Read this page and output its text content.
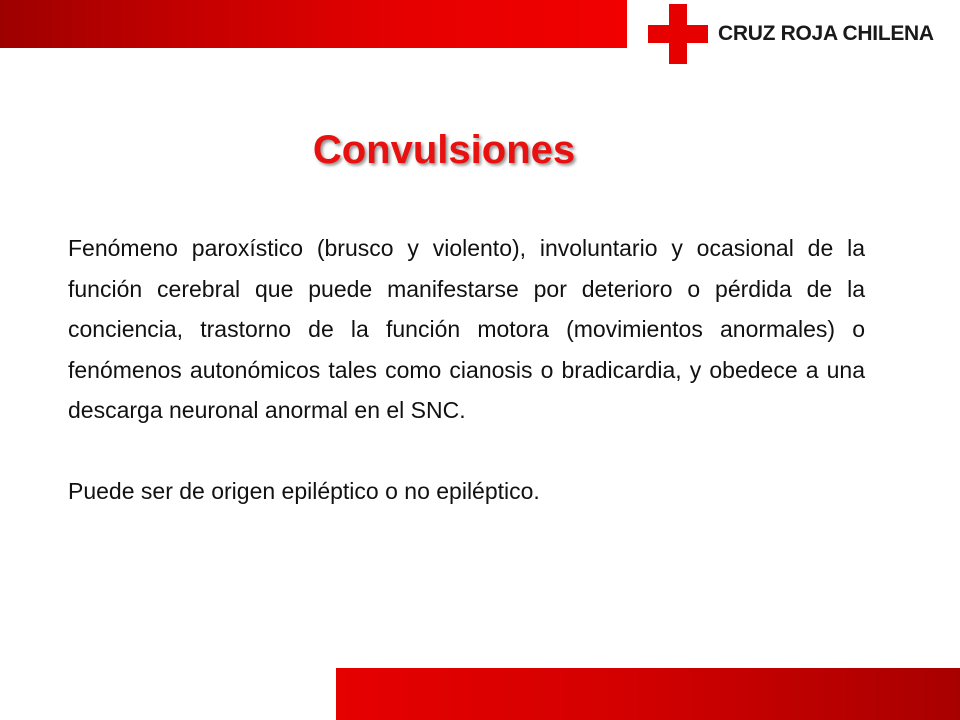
CRUZ ROJA CHILENA
Convulsiones

Fenómeno paroxístico (brusco y violento), involuntario y ocasional de la función cerebral que puede manifestarse por deterioro o pérdida de la conciencia, trastorno de la función motora (movimientos anormales) o fenómenos autonómicos tales como cianosis o bradicardia, y obedece a una descarga neuronal anormal en el SNC.

Puede ser de origen epiléptico o no epiléptico.
